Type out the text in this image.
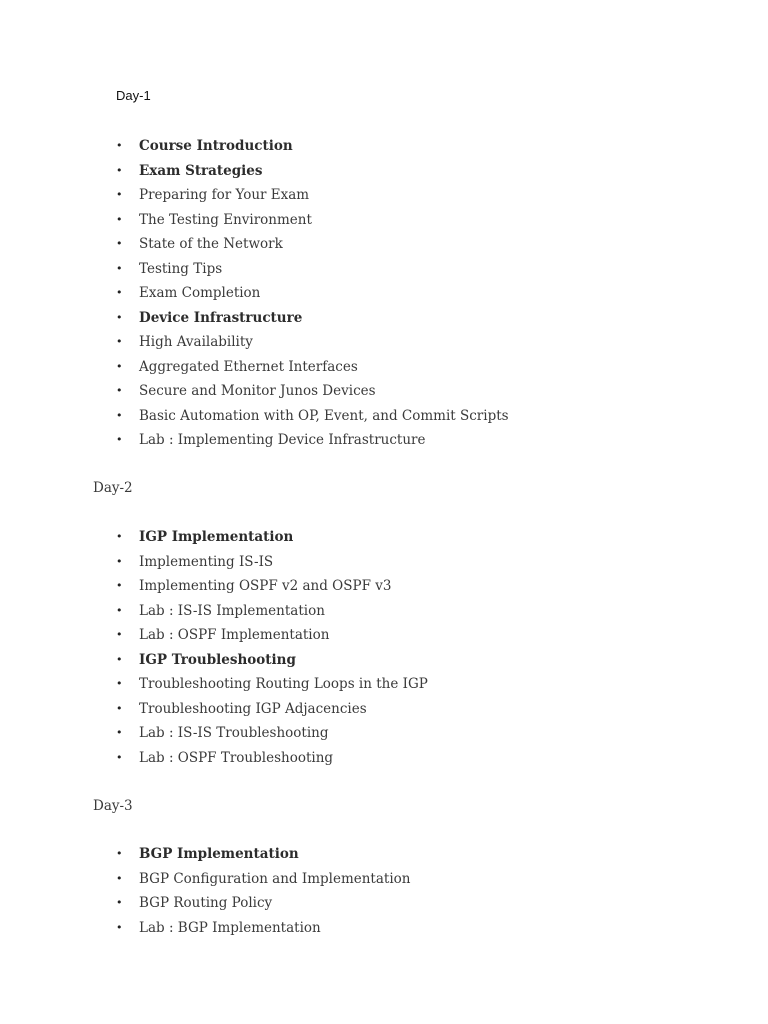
Day-1
• Course Introduction
• Exam Strategies
• Preparing for Your Exam
• The Testing Environment
• State of the Network
• Testing Tips
• Exam Completion
• Device Infrastructure
• High Availability
• Aggregated Ethernet Interfaces
• Secure and Monitor Junos Devices
• Basic Automation with OP, Event, and Commit Scripts
• Lab : Implementing Device Infrastructure
Day-2
• IGP Implementation
• Implementing IS-IS
• Implementing OSPF v2 and OSPF v3
• Lab : IS-IS Implementation
• Lab : OSPF Implementation
• IGP Troubleshooting
• Troubleshooting Routing Loops in the IGP
• Troubleshooting IGP Adjacencies
• Lab : IS-IS Troubleshooting
• Lab : OSPF Troubleshooting
Day-3
• BGP Implementation
• BGP Configuration and Implementation
• BGP Routing Policy
• Lab : BGP Implementation
